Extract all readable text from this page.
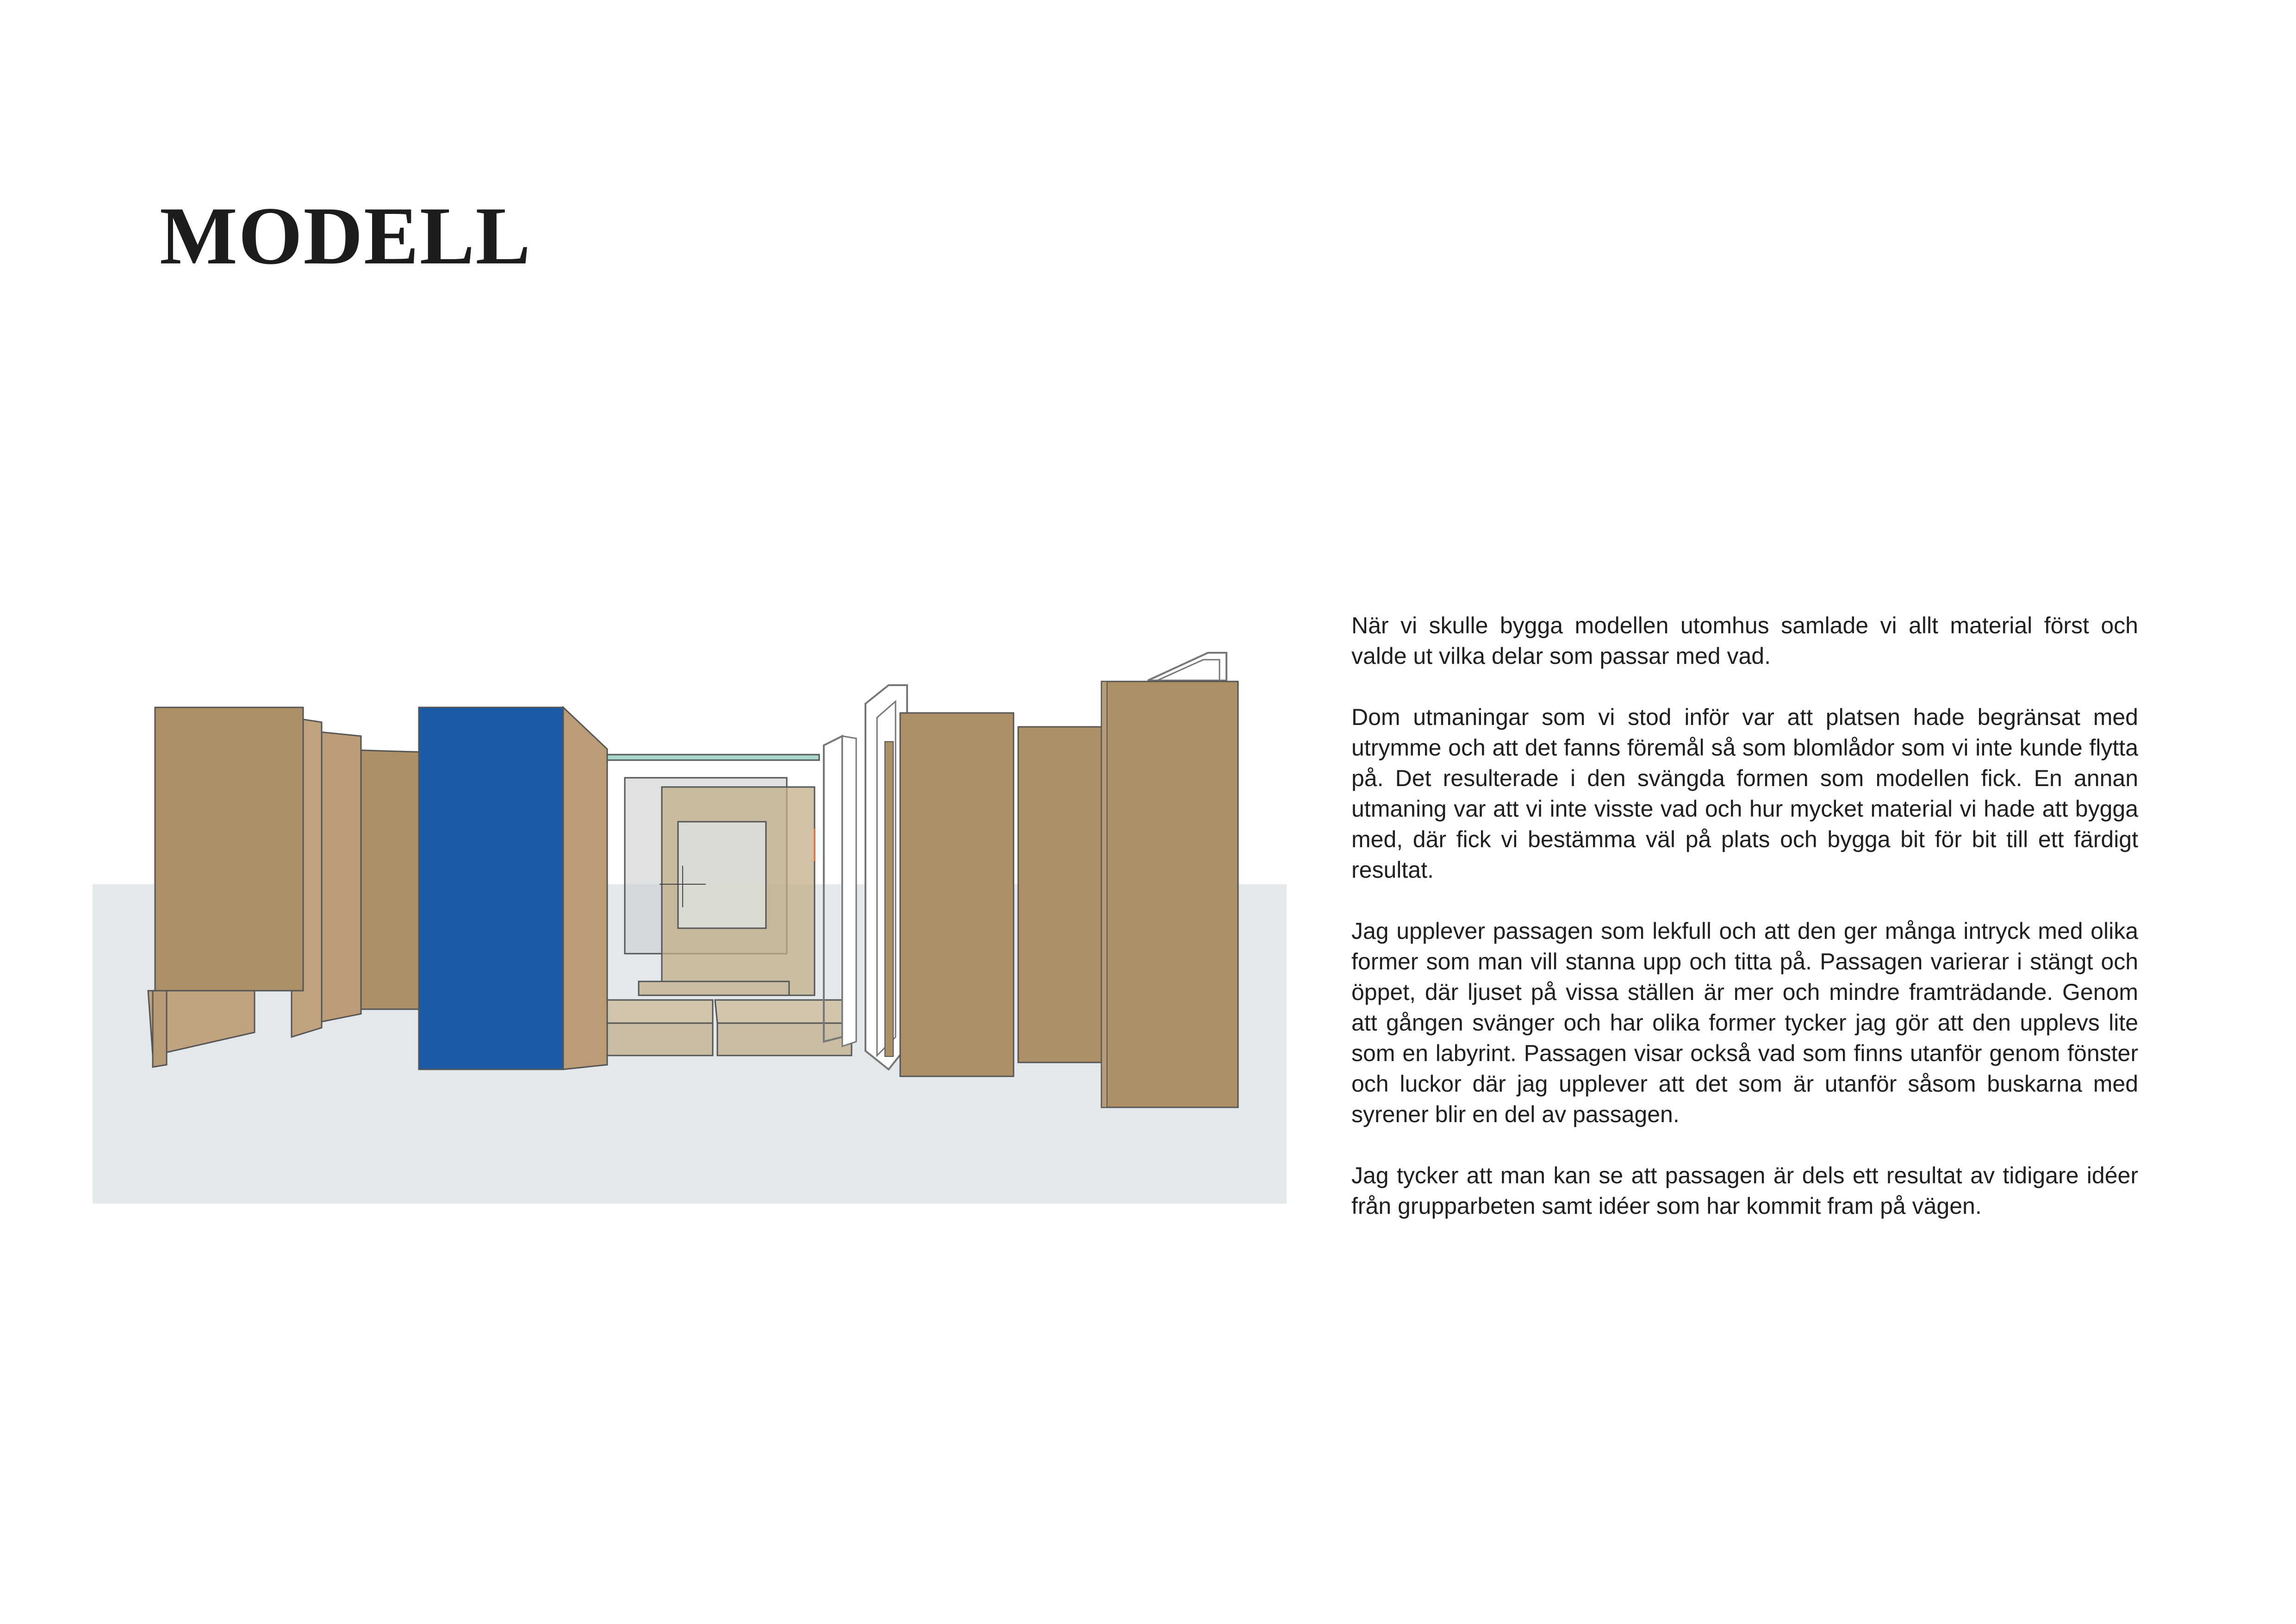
MODELL

När vi skulle bygga modellen utomhus samlade vi allt material först och valde ut vilka delar som passar med vad.

Dom utmaningar som vi stod inför var att platsen hade begränsat med utrymme och att det fanns föremål så som blomlådor som vi inte kunde flytta på. Det resulterade i den svängda formen som modellen fick. En annan utmaning var att vi inte visste vad och hur mycket material vi hade att bygga med, där fick vi bestämma väl på plats och bygga bit för bit till ett färdigt resultat.

Jag upplever passagen som lekfull och att den ger många intryck med olika former som man vill stanna upp och titta på. Passagen varierar i stängt och öppet, där ljuset på vissa ställen är mer och mindre framträdande. Genom att gången svänger och har olika former tycker jag gör att den upplevs lite som en labyrint. Passagen visar också vad som finns utanför genom fönster och luckor där jag upplever att det som är utanför såsom buskarna med syrener blir en del av passagen.

Jag tycker att man kan se att passagen är dels ett resultat av tidigare idéer från grupparbeten samt idéer som har kommit fram på vägen.
